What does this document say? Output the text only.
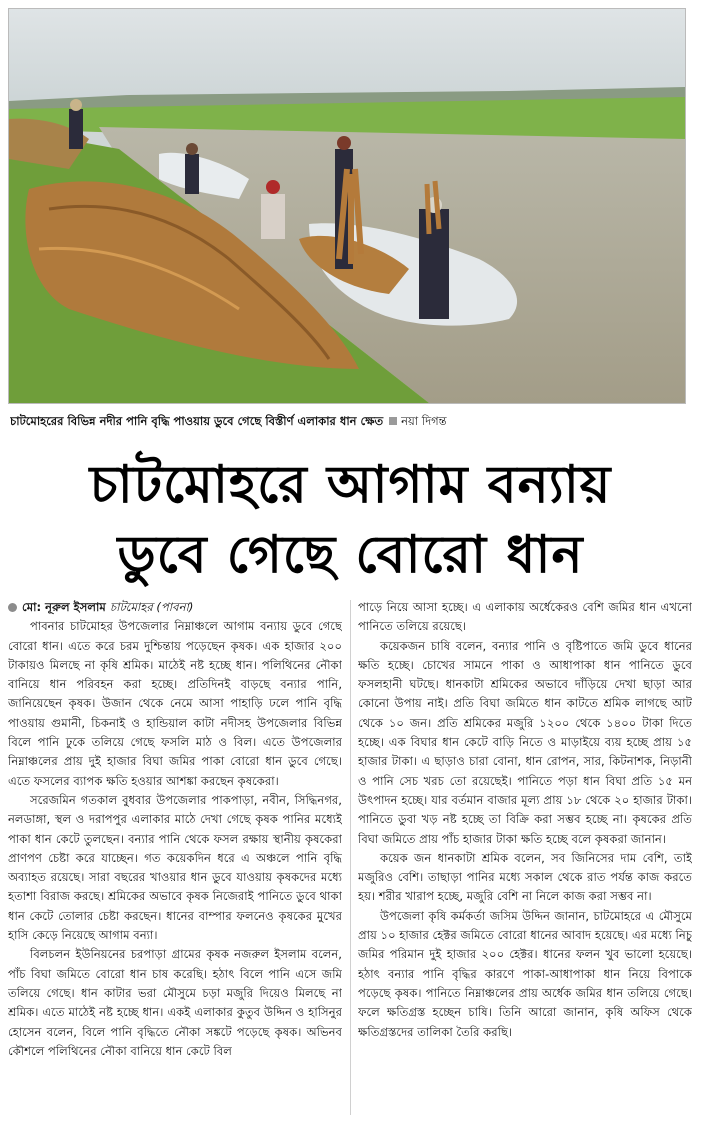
চাটমোহরের বিভিন্ন নদীর পানি বৃদ্ধি পাওয়ায় ডুবে গেছে বিস্তীর্ণ এলাকার ধান ক্ষেত নয়া দিগন্ত
চাটমোহরে আগাম বন্যায়
ডুবে গেছে বোরো ধান
মো: নূরুল ইসলাম চাটমোহর (পাবনা)

পাবনার চাটমোহর উপজেলার নিম্নাঞ্চলে আগাম বন্যায় ডুবে গেছে বোরো ধান। এতে করে চরম দুশ্চিন্তায় পড়েছেন কৃষক। এক হাজার ২০০ টাকায়ও মিলছে না কৃষি শ্রমিক। মাঠেই নষ্ট হচ্ছে ধান। পলিথিনের নৌকা বানিয়ে ধান পরিবহন করা হচ্ছে। প্রতিদিনই বাড়ছে বন্যার পানি, জানিয়েছেন কৃষক। উজান থেকে নেমে আসা পাহাড়ি ঢলে পানি বৃদ্ধি পাওয়ায় গুমানী, চিকনাই ও হান্ডিয়াল কাটা নদীসহ উপজেলার বিভিন্ন বিলে পানি ঢুকে তলিয়ে গেছে ফসলি মাঠ ও বিল। এতে উপজেলার নিম্নাঞ্চলের প্রায় দুই হাজার বিঘা জমির পাকা বোরো ধান ডুবে গেছে। এতে ফসলের ব্যাপক ক্ষতি হওয়ার আশঙ্কা করছেন কৃষকেরা।

সরেজমিন গতকাল বুধবার উপজেলার পাকপাড়া, নবীন, সিদ্ধিনগর, নলডাঙ্গা, স্থল ও দরাপপুর এলাকার মাঠে দেখা গেছে কৃষক পানির মধ্যেই পাকা ধান কেটে তুলছেন। বন্যার পানি থেকে ফসল রক্ষায় স্থানীয় কৃষকেরা প্রাণপণ চেষ্টা করে যাচ্ছেন। গত কয়েকদিন ধরে এ অঞ্চলে পানি বৃদ্ধি অব্যাহত রয়েছে। সারা বছরের খাওয়ার ধান ডুবে যাওয়ায় কৃষকদের মধ্যে হতাশা বিরাজ করছে। শ্রমিকের অভাবে কৃষক নিজেরাই পানিতে ডুবে থাকা ধান কেটে তোলার চেষ্টা করছেন। ধানের বাম্পার ফলনেও কৃষকের মুখের হাসি কেড়ে নিয়েছে আগাম বন্যা।

বিলচলন ইউনিয়নের চরপাড়া গ্রামের কৃষক নজরুল ইসলাম বলেন, পাঁচ বিঘা জমিতে বোরো ধান চাষ করেছি। হঠাৎ বিলে পানি এসে জমি তলিয়ে গেছে। ধান কাটার ভরা মৌসুমে চড়া মজুরি দিয়েও মিলছে না শ্রমিক। এতে মাঠেই নষ্ট হচ্ছে ধান। একই এলাকার কুতুব উদ্দিন ও হাসিনুর হোসেন বলেন, বিলে পানি বৃদ্ধিতে নৌকা সঙ্কটে পড়েছে কৃষক। অভিনব কৌশলে পলিথিনের নৌকা বানিয়ে ধান কেটে বিল

পাড়ে নিয়ে আসা হচ্ছে। এ এলাকায় অর্ধেকেরও বেশি জমির ধান এখনো পানিতে তলিয়ে রয়েছে।

কয়েকজন চাষি বলেন, বন্যার পানি ও বৃষ্টিপাতে জমি ডুবে ধানের ক্ষতি হচ্ছে। চোখের সামনে পাকা ও আধাপাকা ধান পানিতে ডুবে ফসলহানী ঘটছে। ধানকাটা শ্রমিকের অভাবে দাঁড়িয়ে দেখা ছাড়া আর কোনো উপায় নাই। প্রতি বিঘা জমিতে ধান কাটতে শ্রমিক লাগছে আট থেকে ১০ জন। প্রতি শ্রমিকের মজুরি ১২০০ থেকে ১৪০০ টাকা দিতে হচ্ছে। এক বিঘার ধান কেটে বাড়ি নিতে ও মাড়াইয়ে ব্যয় হচ্ছে প্রায় ১৫ হাজার টাকা। এ ছাড়াও চারা বোনা, ধান রোপন, সার, কিটনাশক, নিড়ানী ও পানি সেচ খরচ তো রয়েছেই। পানিতে পড়া ধান বিঘা প্রতি ১৫ মন উৎপাদন হচ্ছে। যার বর্তমান বাজার মূল্য প্রায় ১৮ থেকে ২০ হাজার টাকা। পানিতে ডুবা খড় নষ্ট হচ্ছে তা বিক্রি করা সম্ভব হচ্ছে না। কৃষকের প্রতি বিঘা জমিতে প্রায় পাঁচ হাজার টাকা ক্ষতি হচ্ছে বলে কৃষকরা জানান।

কয়েক জন ধানকাটা শ্রমিক বলেন, সব জিনিসের দাম বেশি, তাই মজুরিও বেশি। তাছাড়া পানির মধ্যে সকাল থেকে রাত পর্যন্ত কাজ করতে হয়। শরীর খারাপ হচ্ছে, মজুরি বেশি না নিলে কাজ করা সম্ভব না।

উপজেলা কৃষি কর্মকর্তা জসিম উদ্দিন জানান, চাটমোহরে এ মৌসুমে প্রায় ১০ হাজার হেক্টর জমিতে বোরো ধানের আবাদ হয়েছে। এর মধ্যে নিচু জমির পরিমান দুই হাজার ২০০ হেক্টর। ধানের ফলন খুব ভালো হয়েছে। হঠাৎ বন্যার পানি বৃদ্ধির কারণে পাকা-আধাপাকা ধান নিয়ে বিপাকে পড়েছে কৃষক। পানিতে নিম্নাঞ্চলের প্রায় অর্ধেক জমির ধান তলিয়ে গেছে। ফলে ক্ষতিগ্রস্ত হচ্ছেন চাষি। তিনি আরো জানান, কৃষি অফিস থেকে ক্ষতিগ্রস্তদের তালিকা তৈরি করছি।
